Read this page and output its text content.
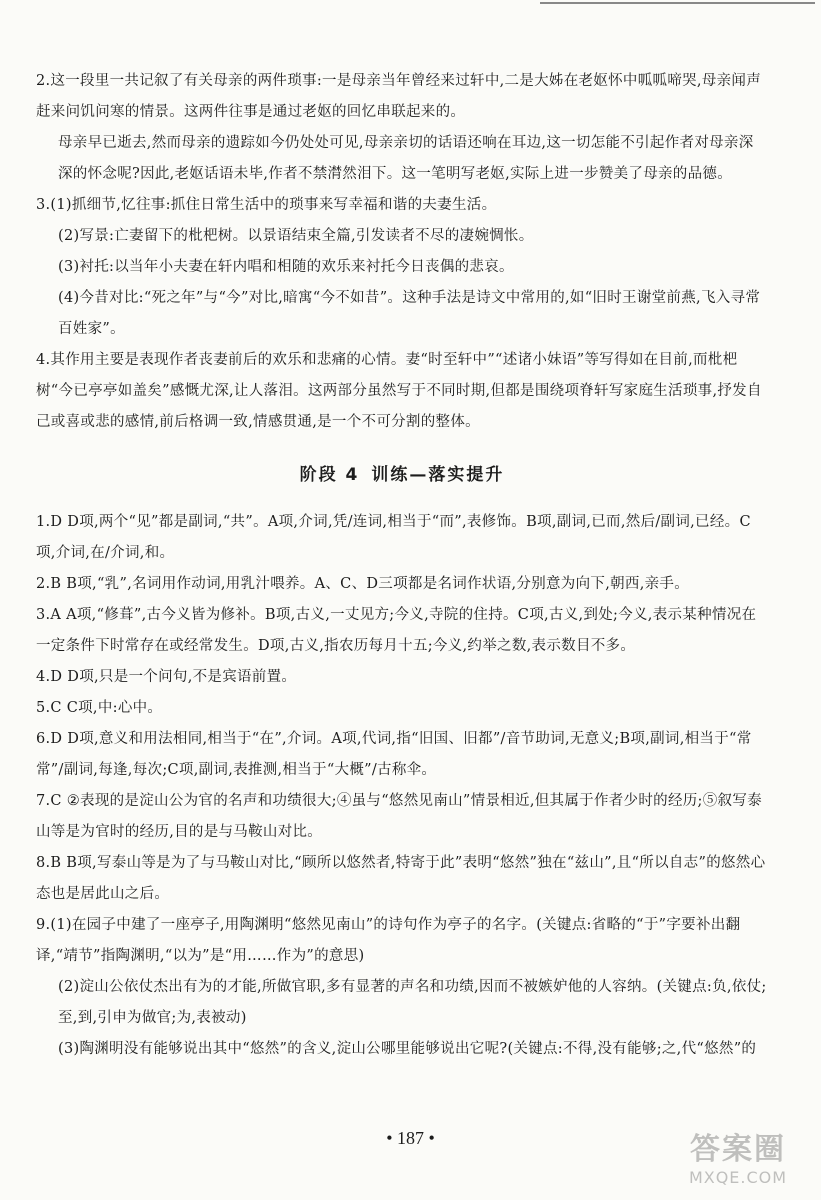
2.这一段里一共记叙了有关母亲的两件琐事:一是母亲当年曾经来过轩中,二是大姊在老妪怀中呱呱啼哭,母亲闻声赶来问饥问寒的情景。这两件往事是通过老妪的回忆串联起来的。

母亲早已逝去,然而母亲的遗踪如今仍处处可见,母亲亲切的话语还响在耳边,这一切怎能不引起作者对母亲深深的怀念呢?因此,老妪话语未毕,作者不禁潸然泪下。这一笔明写老妪,实际上进一步赞美了母亲的品德。

3.(1)抓细节,忆往事:抓住日常生活中的琐事来写幸福和谐的夫妻生活。

(2)写景:亡妻留下的枇杷树。以景语结束全篇,引发读者不尽的凄婉惆怅。

(3)衬托:以当年小夫妻在轩内唱和相随的欢乐来衬托今日丧偶的悲哀。

(4)今昔对比:“死之年”与“今”对比,暗寓“今不如昔”。这种手法是诗文中常用的,如“旧时王谢堂前燕,飞入寻常百姓家”。

4.其作用主要是表现作者丧妻前后的欢乐和悲痛的心情。妻“时至轩中”“述诸小妹语”等写得如在目前,而枇杷树“今已亭亭如盖矣”感慨尤深,让人落泪。这两部分虽然写于不同时期,但都是围绕项脊轩写家庭生活琐事,抒发自己或喜或悲的感情,前后格调一致,情感贯通,是一个不可分割的整体。

阶段 4 训练—落实提升

1.D D项,两个“见”都是副词,“共”。A项,介词,凭/连词,相当于“而”,表修饰。B项,副词,已而,然后/副词,已经。C项,介词,在/介词,和。

2.B B项,“乳”,名词用作动词,用乳汁喂养。A、C、D三项都是名词作状语,分别意为向下,朝西,亲手。

3.A A项,“修葺”,古今义皆为修补。B项,古义,一丈见方;今义,寺院的住持。C项,古义,到处;今义,表示某种情况在一定条件下时常存在或经常发生。D项,古义,指农历每月十五;今义,约举之数,表示数目不多。

4.D D项,只是一个问句,不是宾语前置。

5.C C项,中:心中。

6.D D项,意义和用法相同,相当于“在”,介词。A项,代词,指“旧国、旧都”/音节助词,无意义;B项,副词,相当于“常常”/副词,每逢,每次;C项,副词,表推测,相当于“大概”/古称伞。

7.C ②表现的是淀山公为官的名声和功绩很大;④虽与“悠然见南山”情景相近,但其属于作者少时的经历;⑤叙写泰山等是为官时的经历,目的是与马鞍山对比。

8.B B项,写泰山等是为了与马鞍山对比,“顾所以悠然者,特寄于此”表明“悠然”独在“兹山”,且“所以自志”的悠然心态也是居此山之后。

9.(1)在园子中建了一座亭子,用陶渊明“悠然见南山”的诗句作为亭子的名字。(关键点:省略的“于”字要补出翻译,“靖节”指陶渊明,“以为”是“用……作为”的意思)

(2)淀山公依仗杰出有为的才能,所做官职,多有显著的声名和功绩,因而不被嫉妒他的人容纳。(关键点:负,依仗;至,到,引申为做官;为,表被动)

(3)陶渊明没有能够说出其中“悠然”的含义,淀山公哪里能够说出它呢?(关键点:不得,没有能够;之,代“悠然”的

• 187 •	答案圈
MXQE.COM
